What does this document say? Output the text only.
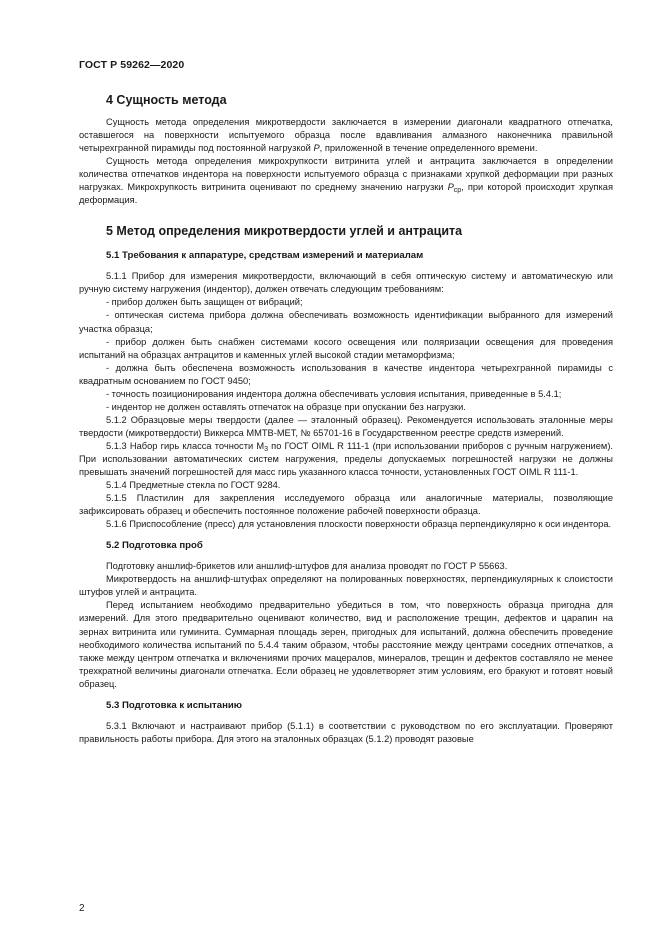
ГОСТ Р 59262—2020
4 Сущность метода

Сущность метода определения микротвердости заключается в измерении диагонали квадратного отпечатка, оставшегося на поверхности испытуемого образца после вдавливания алмазного наконечника правильной четырехгранной пирамиды под постоянной нагрузкой P, приложенной в течение определенного времени.

Сущность метода определения микрохрупкости витринита углей и антрацита заключается в определении количества отпечатков индентора на поверхности испытуемого образца с признаками хрупкой деформации при разных нагрузках. Микрохрупкость витринита оценивают по среднему значению нагрузки $P_{ср}$, при которой происходит хрупкая деформация.

5 Метод определения микротвердости углей и антрацита
5.1 Требования к аппаратуре, средствам измерений и материалам

5.1.1 Прибор для измерения микротвердости, включающий в себя оптическую систему и автоматическую или ручную систему нагружения (индентор), должен отвечать следующим требованиям:

- прибор должен быть защищен от вибраций;

- оптическая система прибора должна обеспечивать возможность идентификации выбранного для измерений участка образца;

- прибор должен быть снабжен системами косого освещения или поляризации освещения для проведения испытаний на образцах антрацитов и каменных углей высокой стадии метаморфизма;

- должна быть обеспечена возможность использования в качестве индентора четырехгранной пирамиды с квадратным основанием по ГОСТ 9450;

- точность позиционирования индентора должна обеспечивать условия испытания, приведенные в 5.4.1;

- индентор не должен оставлять отпечаток на образце при опускании без нагрузки.

5.1.2 Образцовые меры твердости (далее — эталонный образец). Рекомендуется использовать эталонные меры твердости (микротвердости) Виккерса ММТВ-МЕТ, № 65701-16 в Государственном реестре средств измерений.

5.1.3 Набор гирь класса точности $М_3$ по ГОСТ OIML R 111-1 (при использовании приборов с ручным нагружением). При использовании автоматических систем нагружения, пределы допускаемых погрешностей нагрузки не должны превышать значений погрешностей для масс гирь указанного класса точности, установленных ГОСТ OIML R 111-1.

5.1.4 Предметные стекла по ГОСТ 9284.

5.1.5 Пластилин для закрепления исследуемого образца или аналогичные материалы, позволяющие зафиксировать образец и обеспечить постоянное положение рабочей поверхности образца.

5.1.6 Приспособление (пресс) для установления плоскости поверхности образца перпендикулярно к оси индентора.

5.2 Подготовка проб

Подготовку аншлиф-брикетов или аншлиф-штуфов для анализа проводят по ГОСТ Р 55663.

Микротвердость на аншлиф-штуфах определяют на полированных поверхностях, перпендикулярных к слоистости штуфов углей и антрацита.

Перед испытанием необходимо предварительно убедиться в том, что поверхность образца пригодна для измерений. Для этого предварительно оценивают количество, вид и расположение трещин, дефектов и царапин на зернах витринита или гуминита. Суммарная площадь зерен, пригодных для испытаний, должна обеспечить проведение необходимого количества испытаний по 5.4.4 таким образом, чтобы расстояние между центрами соседних отпечатков, а также между центром отпечатка и включениями прочих мацералов, минералов, трещин и дефектов составляло не менее трехкратной величины диагонали отпечатка. Если образец не удовлетворяет этим условиям, его бракуют и готовят новый образец.

5.3 Подготовка к испытанию

5.3.1 Включают и настраивают прибор (5.1.1) в соответствии с руководством по его эксплуатации. Проверяют правильность работы прибора. Для этого на эталонных образцах (5.1.2) проводят разовые

2
